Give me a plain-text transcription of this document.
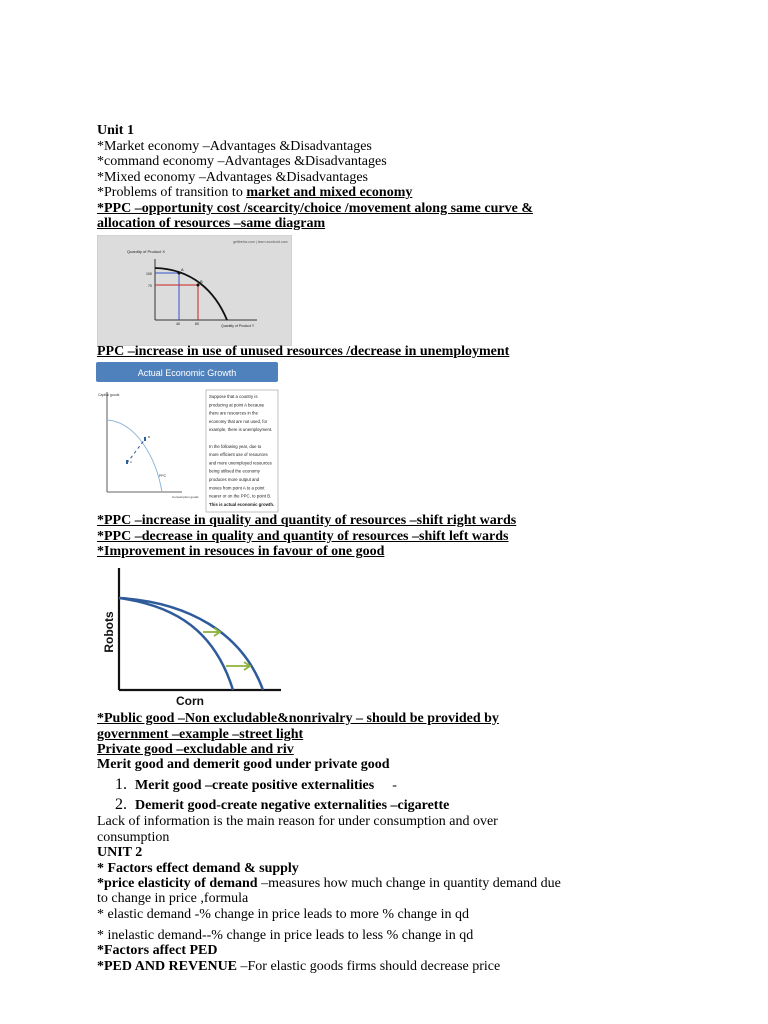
Unit 1
*Market economy –Advantages &Disadvantages
*command economy –Advantages &Disadvantages
*Mixed economy –Advantages &Disadvantages
*Problems of transition to market and mixed economy
*PPC –opportunity cost /scearcity/choice /movement along same curve &
allocation of resources –same diagram
getfirefox.com | learn.ecodroid.com
Quantity of Product X
A
B
100
70
40	60	Quantity of Product Y
PPC –increase in use of unused resources /decrease in unemployment
Actual Economic Growth
Capital goods
A
B
PPC
Consumption goods
Suppose that a country is
producing at point A because
there are resources in the
economy that are not used, for
example, there is unemployment.
In the following year, due to
more efficient use of resources
and more unemployed resources
being utilised the economy
produces more output and
moves from point A to a point
nearer or on the PPC, to point B.
This is actual economic growth.
*PPC –increase in quality and quantity of resources –shift right wards
*PPC –decrease in quality and quantity of resources –shift left wards
*Improvement in resouces in favour of one good
Robots
Corn
*Public good –Non excludable&nonrivalry – should be provided by
government –example –street light
Private good –excludable and riv
Merit good and demerit good under private good
1. Merit good –create positive externalities -
2. Demerit good-create negative externalities –cigarette
Lack of information is the main reason for under consumption and over
consumption
UNIT 2
* Factors effect demand & supply
*price elasticity of demand –measures how much change in quantity demand due
to change in price ,formula
* elastic demand -% change in price leads to more % change in qd
* inelastic demand--% change in price leads to less % change in qd
*Factors affect PED
*PED AND REVENUE –For elastic goods firms should decrease price
